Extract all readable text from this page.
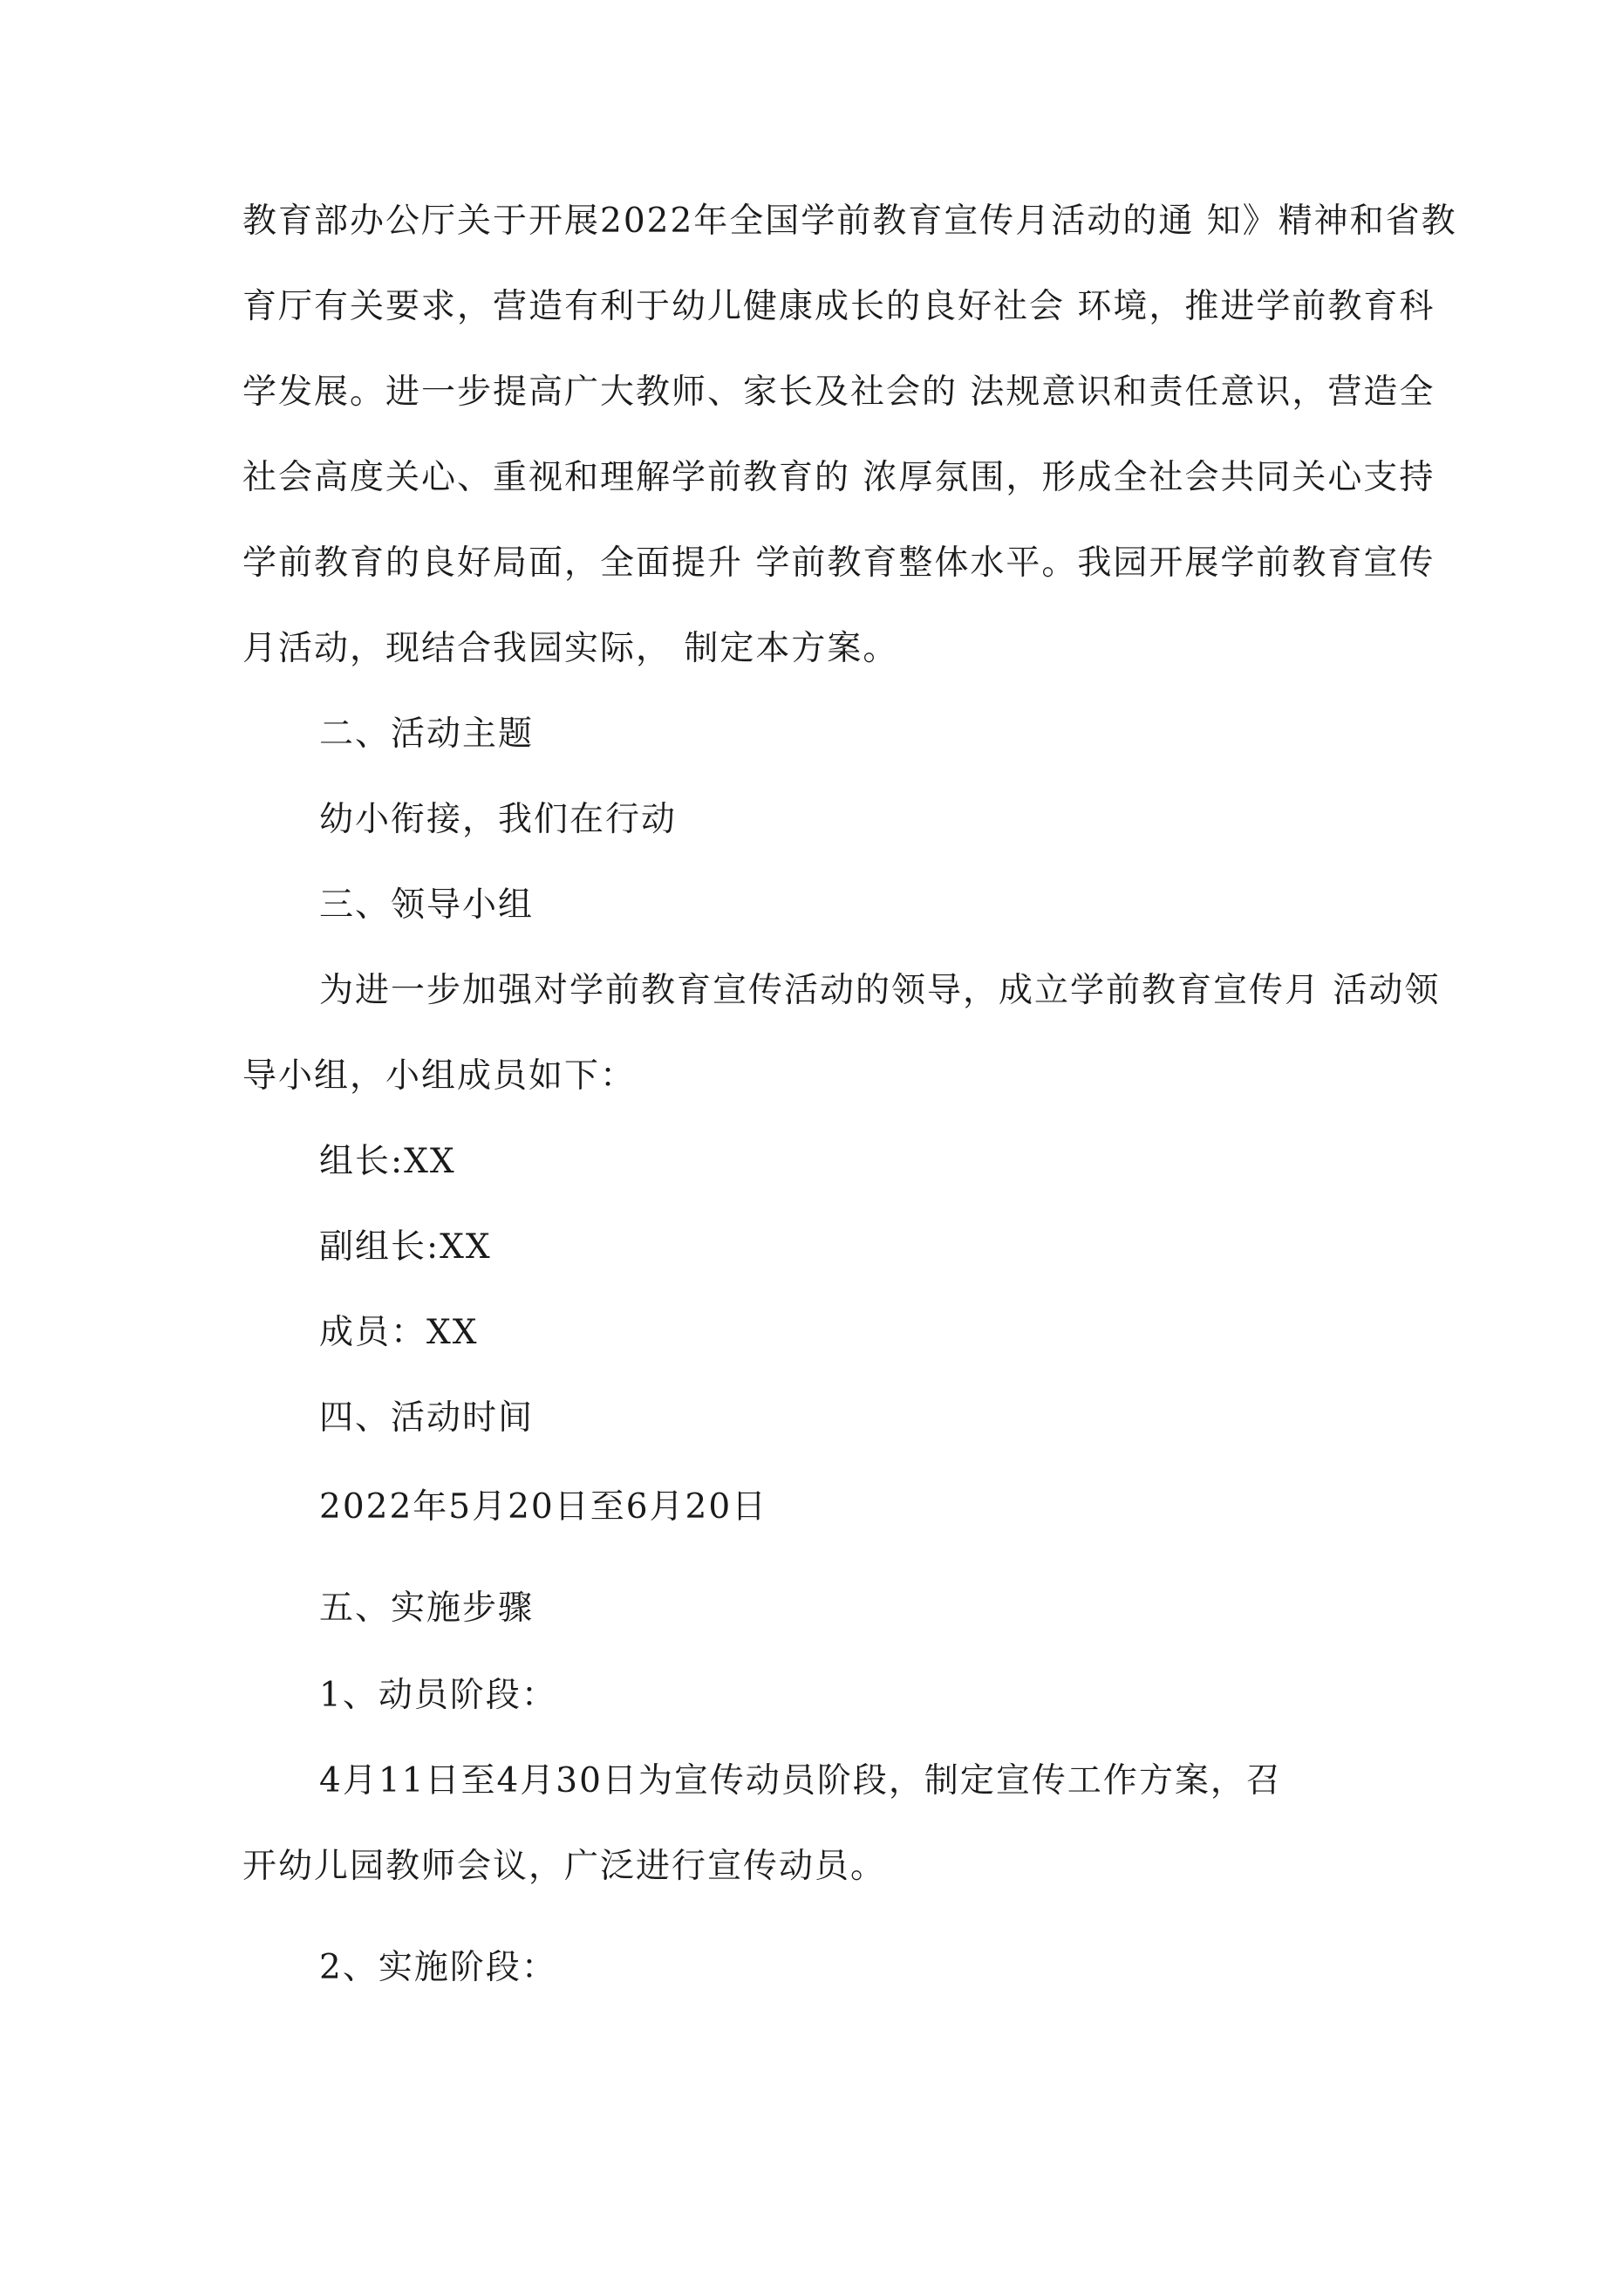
教育部办公厅关于开展2022年全国学前教育宣传月活动的通 知》精神和省教
育厅有关要求，营造有利于幼儿健康成长的良好社会 环境，推进学前教育科
学发展。进一步提高广大教师、家长及社会的 法规意识和责任意识，营造全
社会高度关心、重视和理解学前教育的 浓厚氛围，形成全社会共同关心支持
学前教育的良好局面，全面提升 学前教育整体水平。我园开展学前教育宣传
月活动，现结合我园实际， 制定本方案。
二、活动主题
幼小衔接，我们在行动
三、领导小组
为进一步加强对学前教育宣传活动的领导，成立学前教育宣传月 活动领
导小组，小组成员如下：
组长:XX
副组长:XX
成员：XX
四、活动时间
2022年5月20日至6月20日
五、实施步骤
1、动员阶段：
4月11日至4月30日为宣传动员阶段，制定宣传工作方案，召
开幼儿园教师会议，广泛进行宣传动员。
2、实施阶段：
